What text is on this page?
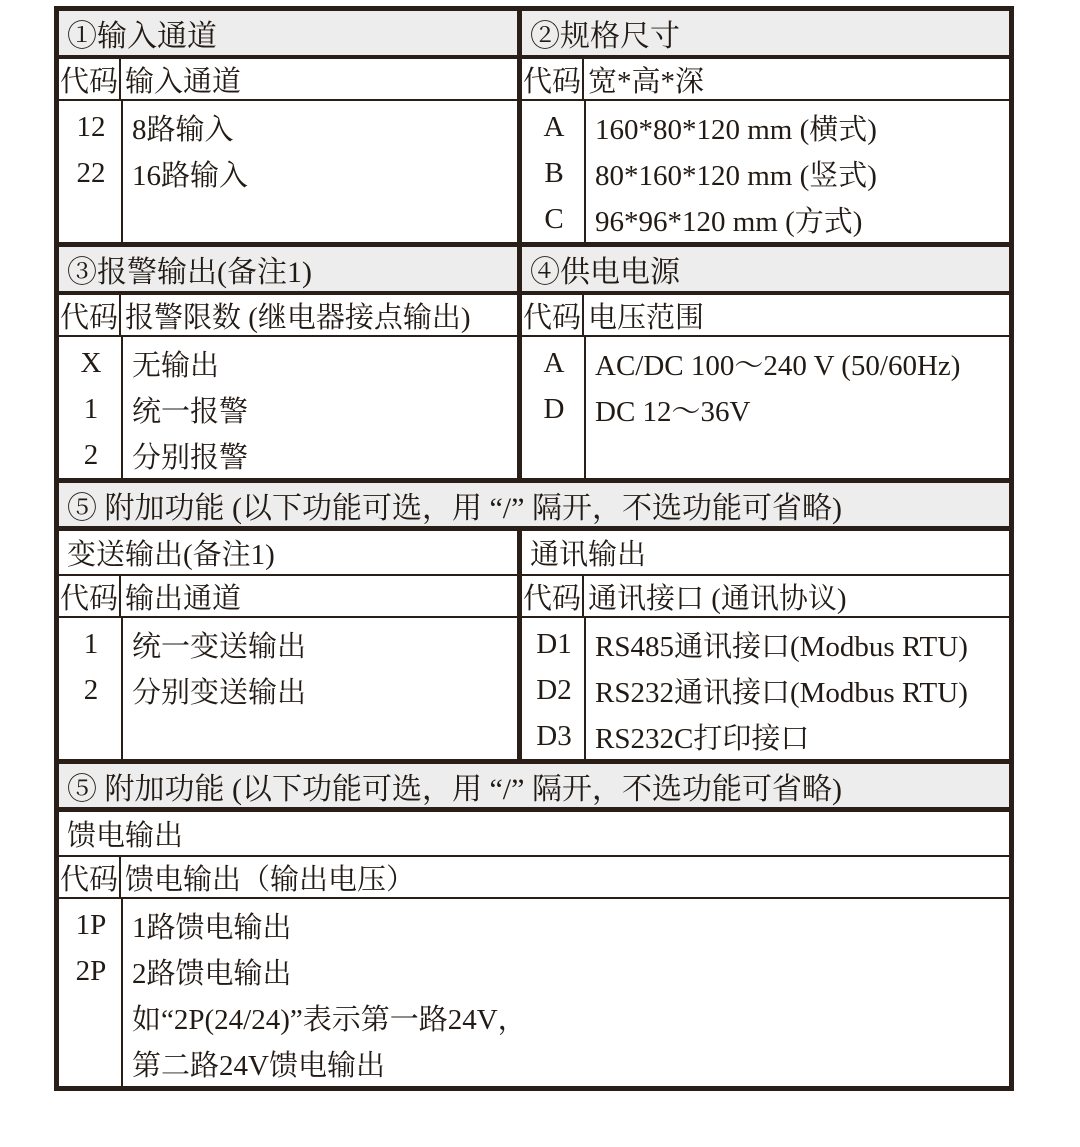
①输入通道
代码 输入通道
12 8路输入
22 16路输入
②规格尺寸
代码 宽*高*深
A	160*80*120 mm (横式)
B	80*160*120 mm (竖式)
C	96*96*120 mm (方式)
③报警输出(备注1)
代码 报警限数 (继电器接点输出)
X	无输出
1	统一报警
2	分别报警
④供电电源
代码 电压范围
A	AC/DC 100～240 V (50/60Hz)
D	DC 12～36V
⑤ 附加功能 (以下功能可选，用 “/” 隔开，不选功能可省略)
变送输出(备注1)
代码 输出通道
1	统一变送输出
2	分别变送输出
通讯输出
代码 通讯接口 (通讯协议)
D1 RS485通讯接口(Modbus RTU)
D2 RS232通讯接口(Modbus RTU)
D3 RS232C打印接口
⑤ 附加功能 (以下功能可选，用 “/” 隔开，不选功能可省略)
馈电输出
代码 馈电输出（输出电压）
1P 1路馈电输出
2P 2路馈电输出
如“2P(24/24)”表示第一路24V，
第二路24V馈电输出
